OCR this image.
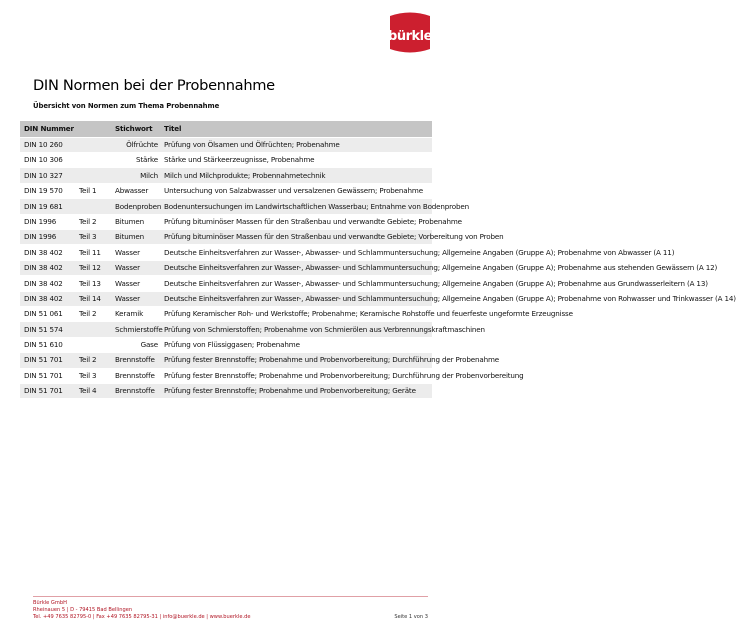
bürkle
DIN Normen bei der Probennahme

Übersicht von Normen zum Thema Probennahme

DIN Nummer		Stichwort	Titel
DIN 10 260		Ölfrüchte	Prüfung von Ölsamen und Ölfrüchten; Probenahme
DIN 10 306		Stärke	Stärke und Stärkeerzeugnisse, Probenahme
DIN 10 327		Milch	Milch und Milchprodukte; Probennahmetechnik
DIN 19 570	Teil 1	Abwasser	Untersuchung von Salzabwasser und versalzenen Gewässern; Probenahme
DIN 19 681		Bodenproben	Bodenuntersuchungen im Landwirtschaftlichen Wasserbau; Entnahme von Bodenproben
DIN 1996	Teil 2	Bitumen	Prüfung bituminöser Massen für den Straßenbau und verwandte Gebiete; Probenahme
DIN 1996	Teil 3	Bitumen	Prüfung bituminöser Massen für den Straßenbau und verwandte Gebiete; Vorbereitung von Proben
DIN 38 402	Teil 11	Wasser	Deutsche Einheitsverfahren zur Wasser-, Abwasser- und Schlammuntersuchung; Allgemeine Angaben (Gruppe A); Probenahme von Abwasser (A 11)
DIN 38 402	Teil 12	Wasser	Deutsche Einheitsverfahren zur Wasser-, Abwasser- und Schlammuntersuchung; Allgemeine Angaben (Gruppe A); Probenahme aus stehenden Gewässern (A 12)
DIN 38 402	Teil 13	Wasser	Deutsche Einheitsverfahren zur Wasser-, Abwasser- und Schlammuntersuchung; Allgemeine Angaben (Gruppe A); Probenahme aus Grundwasserleitern (A 13)
DIN 38 402	Teil 14	Wasser	Deutsche Einheitsverfahren zur Wasser-, Abwasser- und Schlammuntersuchung; Allgemeine Angaben (Gruppe A); Probenahme von Rohwasser und Trinkwasser (A 14)
DIN 51 061	Teil 2	Keramik	Prüfung Keramischer Roh- und Werkstoffe; Probenahme; Keramische Rohstoffe und feuerfeste ungeformte Erzeugnisse
DIN 51 574		Schmierstoffe	Prüfung von Schmierstoffen; Probenahme von Schmierölen aus Verbrennungskraftmaschinen
DIN 51 610		Gase	Prüfung von Flüssiggasen; Probenahme
DIN 51 701	Teil 2	Brennstoffe	Prüfung fester Brennstoffe; Probenahme und Probenvorbereitung; Durchführung der Probenahme
DIN 51 701	Teil 3	Brennstoffe	Prüfung fester Brennstoffe; Probenahme und Probenvorbereitung; Durchführung der Probenvorbereitung
DIN 51 701	Teil 4	Brennstoffe	Prüfung fester Brennstoffe; Probenahme und Probenvorbereitung; Geräte
Bürkle GmbH
Rheinauen 5 | D - 79415 Bad Bellingen
Tel. +49 7635 82795-0 | Fax +49 7635 82795-31 | info@buerkle.de | www.buerkle.de	Seite 1 von 3
